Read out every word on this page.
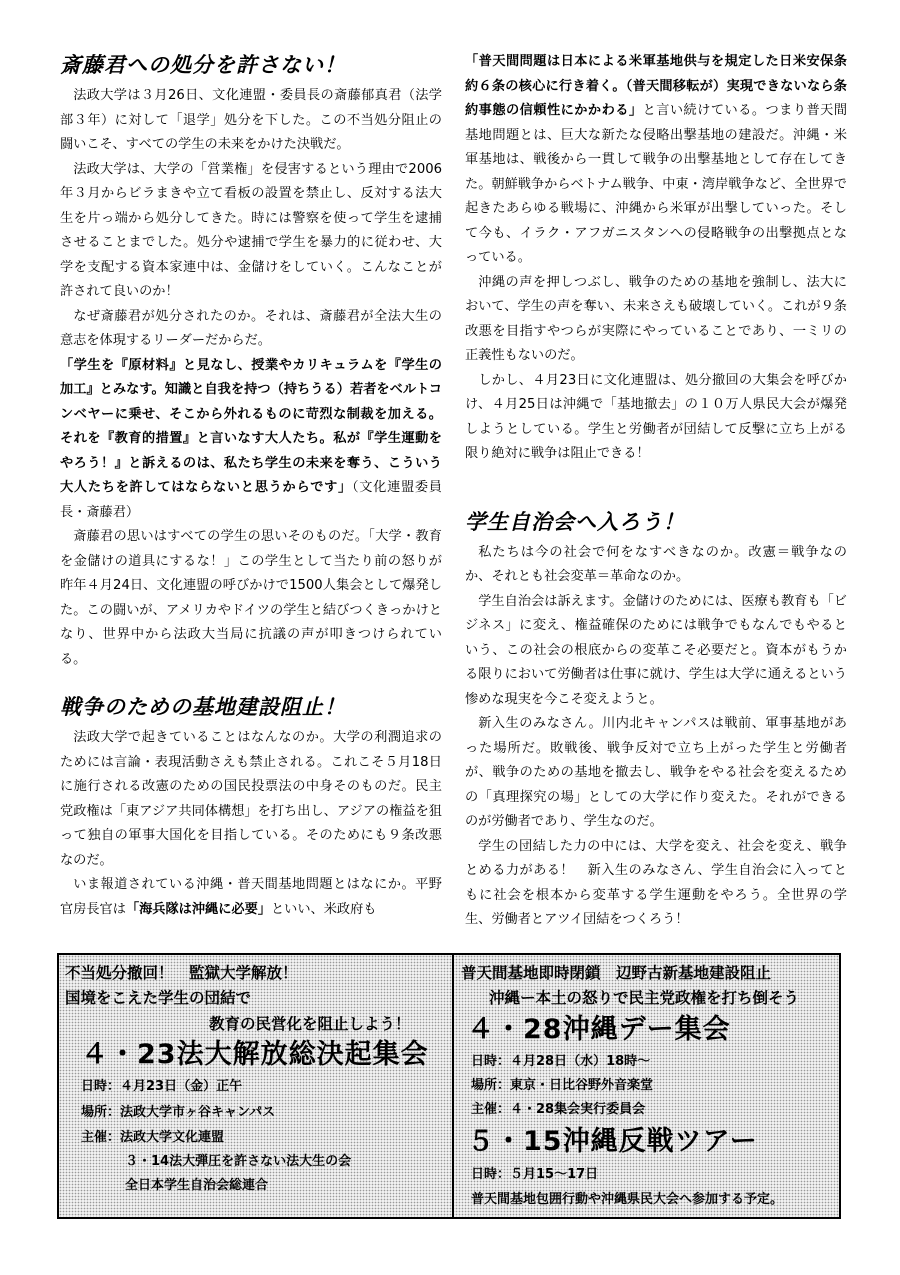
斎藤君への処分を許さない！

法政大学は３月26日、文化連盟・委員長の斎藤郁真君（法学部３年）に対して「退学」処分を下した。この不当処分阻止の闘いこそ、すべての学生の未来をかけた決戦だ。

法政大学は、大学の「営業権」を侵害するという理由で2006年３月からビラまきや立て看板の設置を禁止し、反対する法大生を片っ端から処分してきた。時には警察を使って学生を逮捕させることまでした。処分や逮捕で学生を暴力的に従わせ、大学を支配する資本家連中は、金儲けをしていく。こんなことが許されて良いのか！

なぜ斎藤君が処分されたのか。それは、斎藤君が全法大生の意志を体現するリーダーだからだ。

「学生を『原材料』と見なし、授業やカリキュラムを『学生の加工』とみなす。知識と自我を持つ（持ちうる）若者をベルトコンベヤーに乗せ、そこから外れるものに苛烈な制裁を加える。それを『教育的措置』と言いなす大人たち。私が『学生運動をやろう！』と訴えるのは、私たち学生の未来を奪う、こういう大人たちを許してはならないと思うからです」（文化連盟委員長・斎藤君）

斎藤君の思いはすべての学生の思いそのものだ。「大学・教育を金儲けの道具にするな！」この学生として当たり前の怒りが昨年４月24日、文化連盟の呼びかけで1500人集会として爆発した。この闘いが、アメリカやドイツの学生と結びつくきっかけとなり、世界中から法政大当局に抗議の声が叩きつけられている。

戦争のための基地建設阻止！

法政大学で起きていることはなんなのか。大学の利潤追求のためには言論・表現活動さえも禁止される。これこそ５月18日に施行される改憲のための国民投票法の中身そのものだ。民主党政権は「東アジア共同体構想」を打ち出し、アジアの権益を狙って独自の軍事大国化を目指している。そのためにも９条改悪なのだ。

いま報道されている沖縄・普天間基地問題とはなにか。平野官房長官は「海兵隊は沖縄に必要」といい、米政府も

「普天間問題は日本による米軍基地供与を規定した日米安保条約６条の核心に行き着く。（普天間移転が）実現できないなら条約事態の信頼性にかかわる」と言い続けている。つまり普天間基地問題とは、巨大な新たな侵略出撃基地の建設だ。沖縄・米軍基地は、戦後から一貫して戦争の出撃基地として存在してきた。朝鮮戦争からベトナム戦争、中東・湾岸戦争など、全世界で起きたあらゆる戦場に、沖縄から米軍が出撃していった。そして今も、イラク・アフガニスタンへの侵略戦争の出撃拠点となっている。

沖縄の声を押しつぶし、戦争のための基地を強制し、法大において、学生の声を奪い、未来さえも破壊していく。これが９条改悪を目指すやつらが実際にやっていることであり、一ミリの正義性もないのだ。

しかし、４月23日に文化連盟は、処分撤回の大集会を呼びかけ、４月25日は沖縄で「基地撤去」の１０万人県民大会が爆発しようとしている。学生と労働者が団結して反撃に立ち上がる限り絶対に戦争は阻止できる！

学生自治会へ入ろう！

私たちは今の社会で何をなすべきなのか。改憲＝戦争なのか、それとも社会変革＝革命なのか。

学生自治会は訴えます。金儲けのためには、医療も教育も「ビジネス」に変え、権益確保のためには戦争でもなんでもやるという、この社会の根底からの変革こそ必要だと。資本がもうかる限りにおいて労働者は仕事に就け、学生は大学に通えるという惨めな現実を今こそ変えようと。

新入生のみなさん。川内北キャンパスは戦前、軍事基地があった場所だ。敗戦後、戦争反対で立ち上がった学生と労働者が、戦争のための基地を撤去し、戦争をやる社会を変えるための「真理探究の場」としての大学に作り変えた。それができるのが労働者であり、学生なのだ。

学生の団結した力の中には、大学を変え、社会を変え、戦争とめる力がある！　新入生のみなさん、学生自治会に入ってともに社会を根本から変革する学生運動をやろう。全世界の学生、労働者とアツイ団結をつくろう！

不当処分撤回！　監獄大学解放！
国境をこえた学生の団結で
教育の民営化を阻止しよう！
４・23法大解放総決起集会
日時：４月23日（金）正午
場所：法政大学市ヶ谷キャンパス
主催：法政大学文化連盟
３・14法大弾圧を許さない法大生の会
全日本学生自治会総連合
普天間基地即時閉鎖　辺野古新基地建設阻止
沖縄ー本土の怒りで民主党政権を打ち倒そう
４・28沖縄デー集会
日時：４月28日（水）18時～
場所：東京・日比谷野外音楽堂
主催：４・28集会実行委員会
５・15沖縄反戦ツアー
日時：５月15～17日
普天間基地包囲行動や沖縄県民大会へ参加する予定。
